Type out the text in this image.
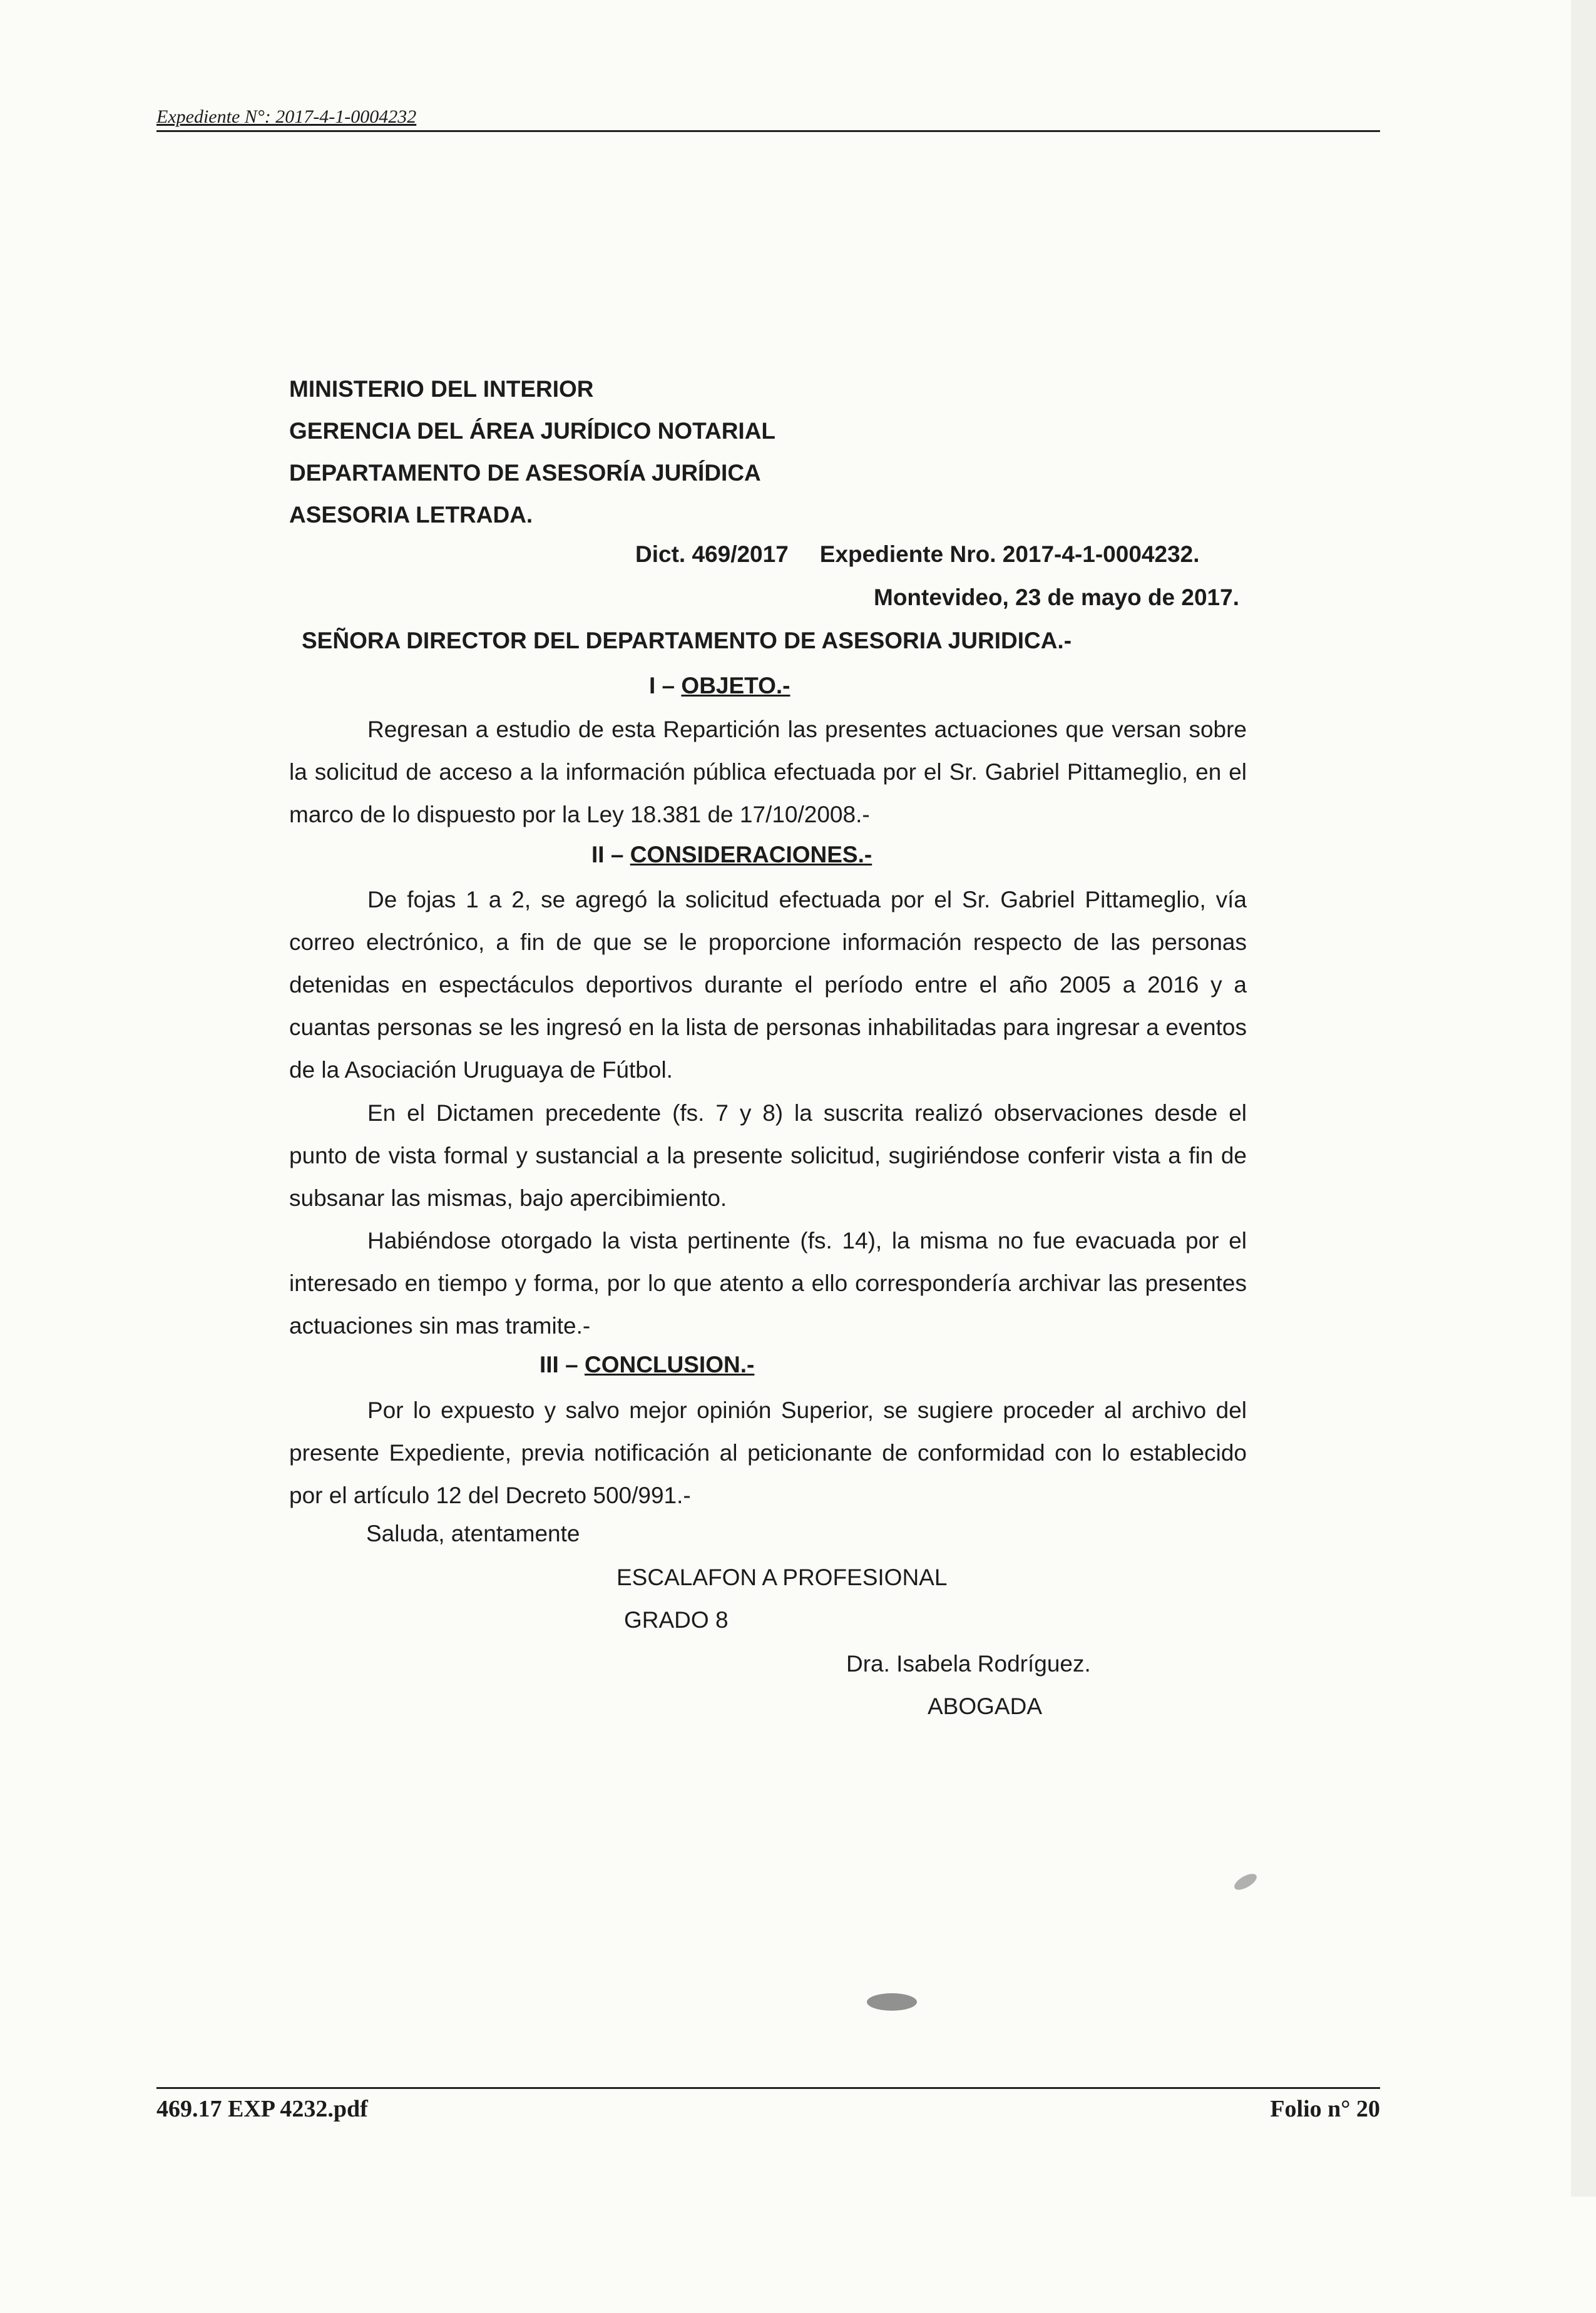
Expediente N°: 2017-4-1-0004232
MINISTERIO DEL INTERIOR
GERENCIA DEL ÁREA JURÍDICO NOTARIAL
DEPARTAMENTO DE ASESORÍA JURÍDICA
ASESORIA LETRADA.
Dict. 469/2017 Expediente Nro. 2017-4-1-0004232.
Montevideo, 23 de mayo de 2017.
SEÑORA DIRECTOR DEL DEPARTAMENTO DE ASESORIA JURIDICA.-
I – OBJETO.-

Regresan a estudio de esta Repartición las presentes actuaciones que versan sobre la solicitud de acceso a la información pública efectuada por el Sr. Gabriel Pittameglio, en el marco de lo dispuesto por la Ley 18.381 de 17/10/2008.-

II – CONSIDERACIONES.-

De fojas 1 a 2, se agregó la solicitud efectuada por el Sr. Gabriel Pittameglio, vía correo electrónico, a fin de que se le proporcione información respecto de las personas detenidas en espectáculos deportivos durante el período entre el año 2005 a 2016 y a cuantas personas se les ingresó en la lista de personas inhabilitadas para ingresar a eventos de la Asociación Uruguaya de Fútbol.

En el Dictamen precedente (fs. 7 y 8) la suscrita realizó observaciones desde el punto de vista formal y sustancial a la presente solicitud, sugiriéndose conferir vista a fin de subsanar las mismas, bajo apercibimiento.

Habiéndose otorgado la vista pertinente (fs. 14), la misma no fue evacuada por el interesado en tiempo y forma, por lo que atento a ello correspondería archivar las presentes actuaciones sin mas tramite.-

III – CONCLUSION.-

Por lo expuesto y salvo mejor opinión Superior, se sugiere proceder al archivo del presente Expediente, previa notificación al peticionante de conformidad con lo establecido por el artículo 12 del Decreto 500/991.-

Saluda, atentamente
ESCALAFON A PROFESIONAL
GRADO 8
Dra. Isabela Rodríguez.
ABOGADA
469.17 EXP 4232.pdf	Folio n° 20
